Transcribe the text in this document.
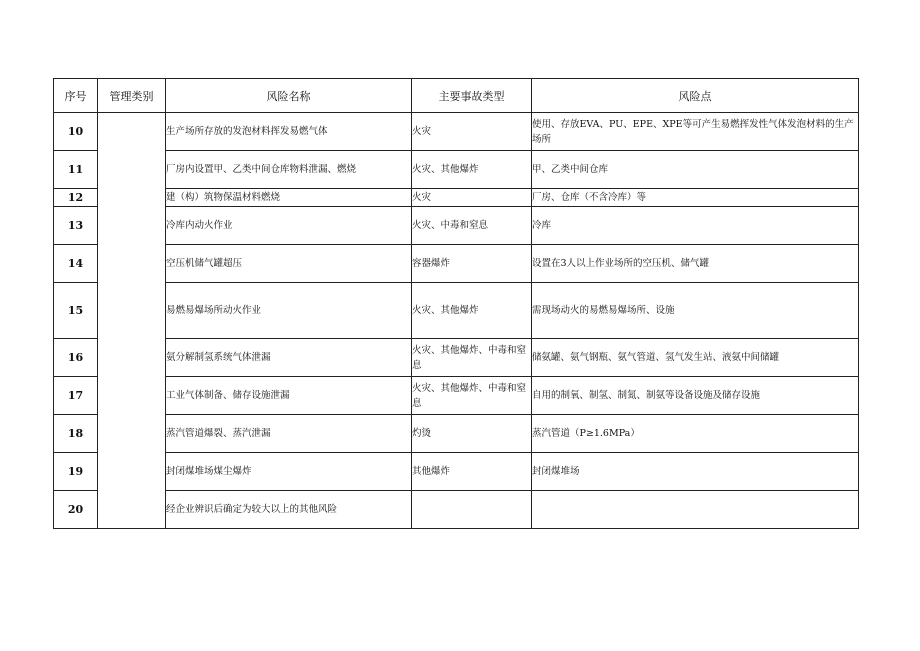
序号	管理类别	风险名称	主要事故类型	风险点
10		生产场所存放的发泡材料挥发易燃气体	火灾	使用、存放EVA、PU、EPE、XPE等可产生易燃挥发性气体发泡材料的生产场所
11		厂房内设置甲、乙类中间仓库物料泄漏、燃烧	火灾、其他爆炸	甲、乙类中间仓库
12		建（构）筑物保温材料燃烧	火灾	厂房、仓库（不含冷库）等
13		冷库内动火作业	火灾、中毒和窒息	冷库
14		空压机储气罐超压	容器爆炸	设置在3人以上作业场所的空压机、储气罐
15		易燃易爆场所动火作业	火灾、其他爆炸	需现场动火的易燃易爆场所、设施
16		氨分解制氢系统气体泄漏	火灾、其他爆炸、中毒和窒息	储氨罐、氨气钢瓶、氨气管道、氢气发生站、液氨中间储罐
17		工业气体制备、储存设施泄漏	火灾、其他爆炸、中毒和窒息	自用的制氧、制氢、制氮、制氨等设备设施及储存设施
18		蒸汽管道爆裂、蒸汽泄漏	灼烫	蒸汽管道（P≥1.6MPa）
19		封闭煤堆场煤尘爆炸	其他爆炸	封闭煤堆场
20		经企业辨识后确定为较大以上的其他风险		
